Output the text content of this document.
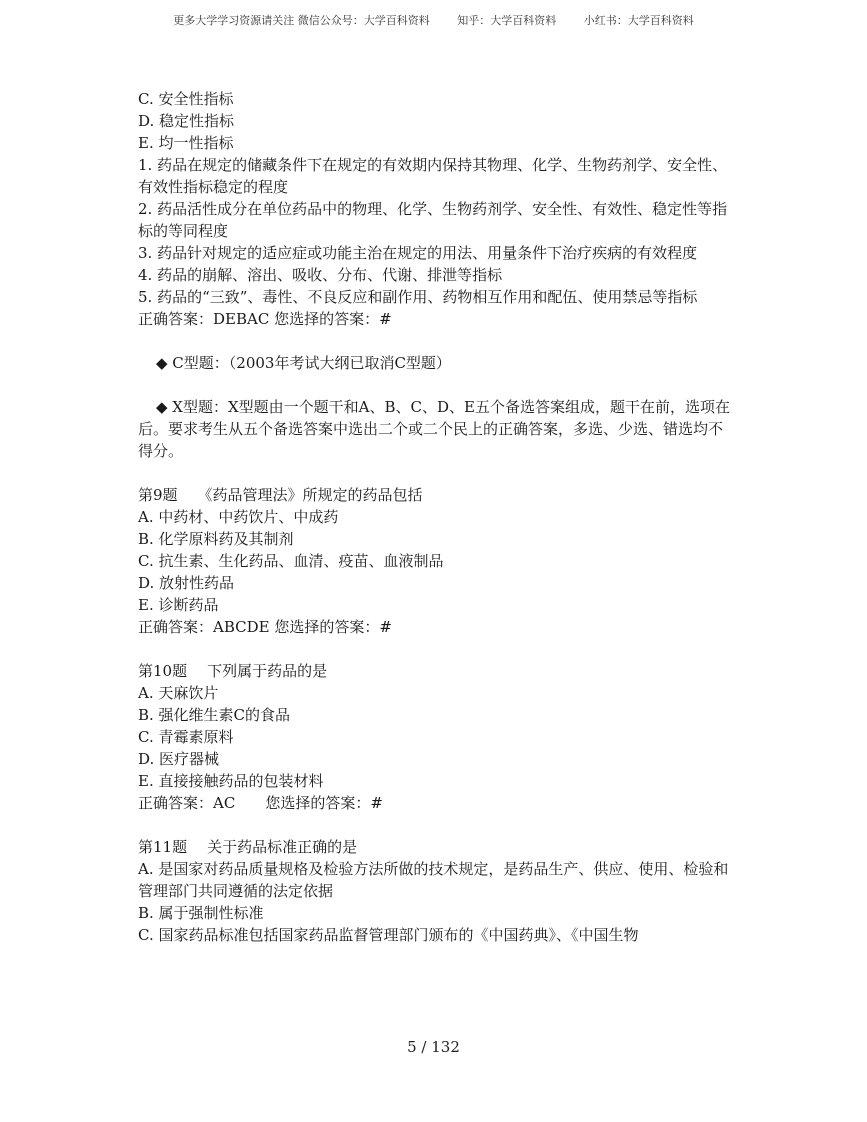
更多大学学习资源请关注 微信公众号：大学百科资料	知乎：大学百科资料	小红书：大学百科资料

C. 安全性指标

D. 稳定性指标

E. 均一性指标

1. 药品在规定的储藏条件下在规定的有效期内保持其物理、化学、生物药剂学、安全性、有效性指标稳定的程度

2. 药品活性成分在单位药品中的物理、化学、生物药剂学、安全性、有效性、稳定性等指标的等同程度

3. 药品针对规定的适应症或功能主治在规定的用法、用量条件下治疗疾病的有效程度

4. 药品的崩解、溶出、吸收、分布、代谢、排泄等指标

5. 药品的“三致”、毒性、不良反应和副作用、药物相互作用和配伍、使用禁忌等指标

正确答案：DEBAC 您选择的答案：#

◆ C型题：（2003年考试大纲已取消C型题）

◆ X型题：X型题由一个题干和A、B、C、D、E五个备选答案组成，题干在前，选项在后。要求考生从五个备选答案中选出二个或二个民上的正确答案，多选、少选、错选均不得分。

第9题 《药品管理法》所规定的药品包括

A. 中药材、中药饮片、中成药

B. 化学原料药及其制剂

C. 抗生素、生化药品、血清、疫苗、血液制品

D. 放射性药品

E. 诊断药品

正确答案：ABCDE 您选择的答案：#

第10题 下列属于药品的是

A. 天麻饮片

B. 强化维生素C的食品

C. 青霉素原料

D. 医疗器械

E. 直接接触药品的包装材料

正确答案：AC 您选择的答案：#

第11题 关于药品标准正确的是

A. 是国家对药品质量规格及检验方法所做的技术规定，是药品生产、供应、使用、检验和管理部门共同遵循的法定依据

B. 属于强制性标准

C. 国家药品标准包括国家药品监督管理部门颁布的《中国药典》、《中国生物

5 / 132
